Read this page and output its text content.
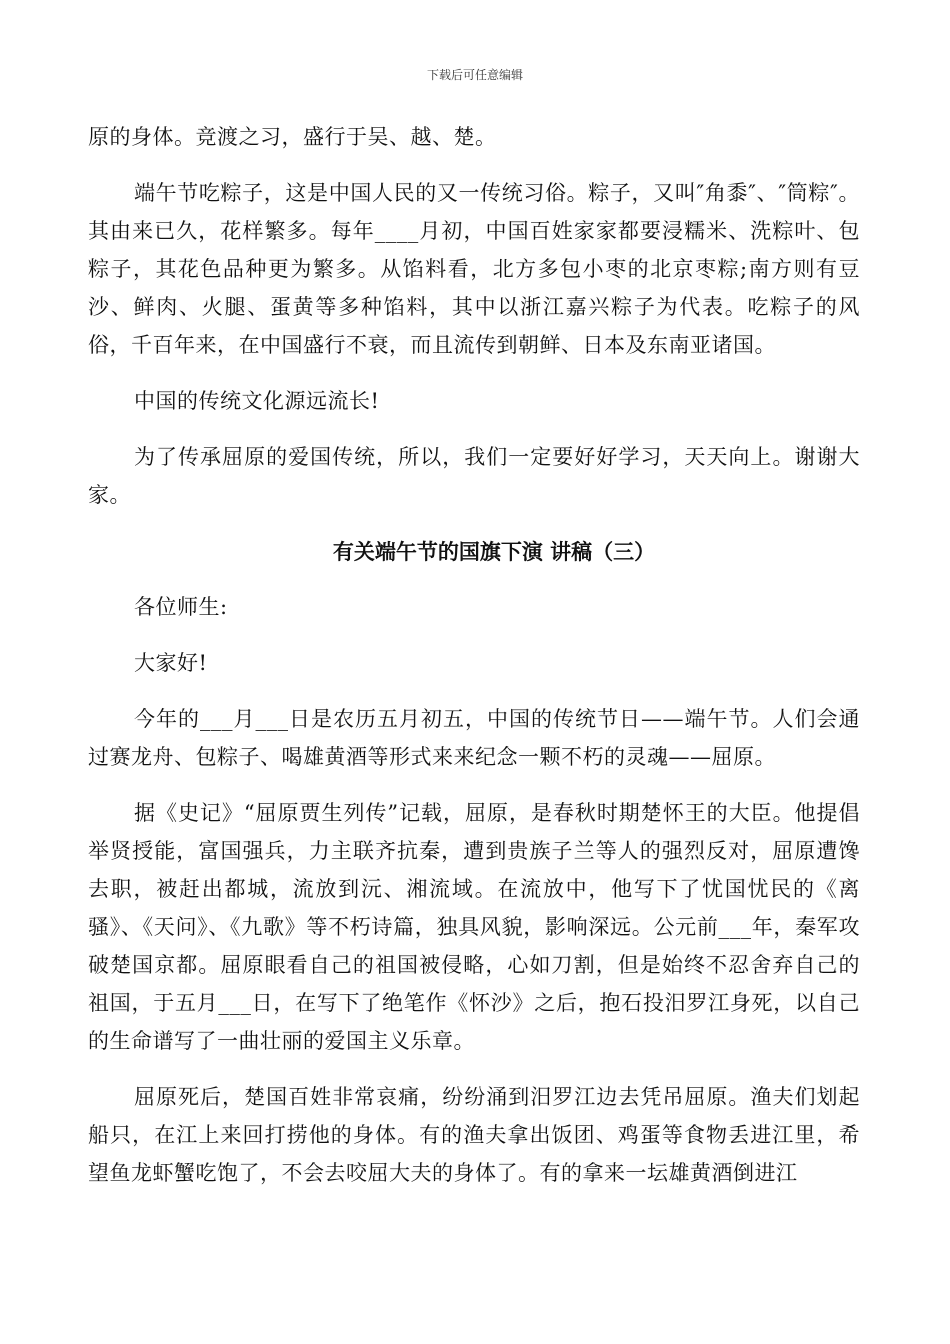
下载后可任意编辑

原的身体。竞渡之习，盛行于吴、越、楚。

端午节吃粽子，这是中国人民的又一传统习俗。粽子，又叫″角黍″、″筒粽″。其由来已久，花样繁多。每年____月初，中国百姓家家都要浸糯米、洗粽叶、包粽子，其花色品种更为繁多。从馅料看，北方多包小枣的北京枣粽;南方则有豆沙、鲜肉、火腿、蛋黄等多种馅料，其中以浙江嘉兴粽子为代表。吃粽子的风俗，千百年来，在中国盛行不衰，而且流传到朝鲜、日本及东南亚诸国。

中国的传统文化源远流长!

为了传承屈原的爱国传统，所以，我们一定要好好学习，天天向上。谢谢大家。

有关端午节的国旗下演 讲稿（三）

各位师生:

大家好!

今年的___月___日是农历五月初五，中国的传统节日——端午节。人们会通过赛龙舟、包粽子、喝雄黄酒等形式来来纪念一颗不朽的灵魂——屈原。

据《史记》“屈原贾生列传”记载，屈原，是春秋时期楚怀王的大臣。他提倡举贤授能，富国强兵，力主联齐抗秦，遭到贵族子兰等人的强烈反对，屈原遭馋去职，被赶出都城，流放到沅、湘流域。在流放中，他写下了忧国忧民的《离骚》、《天问》、《九歌》等不朽诗篇，独具风貌，影响深远。公元前___年，秦军攻破楚国京都。屈原眼看自己的祖国被侵略，心如刀割，但是始终不忍舍弃自己的祖国，于五月___日，在写下了绝笔作《怀沙》之后，抱石投汨罗江身死，以自己的生命谱写了一曲壮丽的爱国主义乐章。

屈原死后，楚国百姓非常哀痛，纷纷涌到汨罗江边去凭吊屈原。渔夫们划起船只，在江上来回打捞他的身体。有的渔夫拿出饭团、鸡蛋等食物丢进江里，希望鱼龙虾蟹吃饱了，不会去咬屈大夫的身体了。有的拿来一坛雄黄酒倒进江
